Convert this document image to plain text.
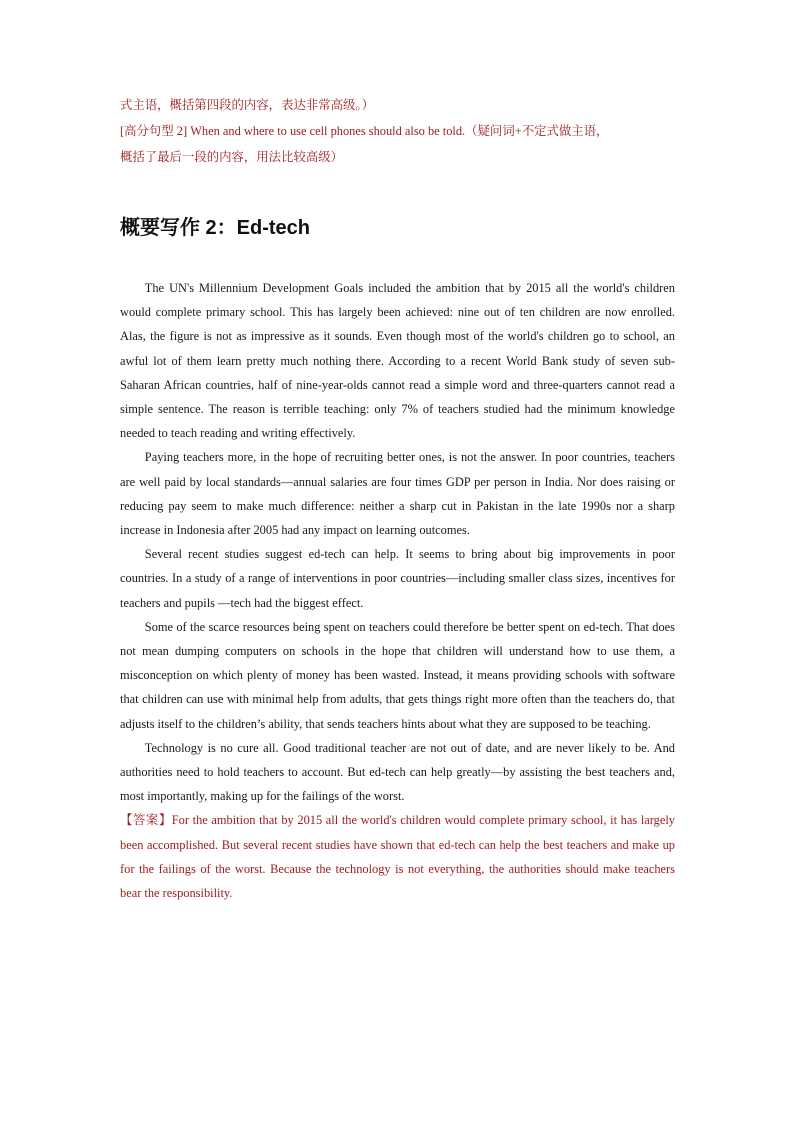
式主语，概括第四段的内容，表达非常高级。）

[高分句型 2] When and where to use cell phones should also be told.（疑问词+不定式做主语，

概括了最后一段的内容，用法比较高级）

概要写作 2：Ed-tech

The UN's Millennium Development Goals included the ambition that by 2015 all the world's children would complete primary school. This has largely been achieved: nine out of ten children are now enrolled. Alas, the figure is not as impressive as it sounds. Even though most of the world's children go to school, an awful lot of them learn pretty much nothing there. According to a recent World Bank study of seven sub-Saharan African countries, half of nine-year-olds cannot read a simple word and three-quarters cannot read a simple sentence. The reason is terrible teaching: only 7% of teachers studied had the minimum knowledge needed to teach reading and writing effectively.

Paying teachers more, in the hope of recruiting better ones, is not the answer. In poor countries, teachers are well paid by local standards—annual salaries are four times GDP per person in India. Nor does raising or reducing pay seem to make much difference: neither a sharp cut in Pakistan in the late 1990s nor a sharp increase in Indonesia after 2005 had any impact on learning outcomes.

Several recent studies suggest ed-tech can help. It seems to bring about big improvements in poor countries. In a study of a range of interventions in poor countries—including smaller class sizes, incentives for teachers and pupils —tech had the biggest effect.

Some of the scarce resources being spent on teachers could therefore be better spent on ed-tech. That does not mean dumping computers on schools in the hope that children will understand how to use them, a misconception on which plenty of money has been wasted. Instead, it means providing schools with software that children can use with minimal help from adults, that gets things right more often than the teachers do, that adjusts itself to the children’s ability, that sends teachers hints about what they are supposed to be teaching.

Technology is no cure all. Good traditional teacher are not out of date, and are never likely to be. And authorities need to hold teachers to account. But ed-tech can help greatly—by assisting the best teachers and, most importantly, making up for the failings of the worst.

【答案】For the ambition that by 2015 all the world's children would complete primary school, it has largely been accomplished. But several recent studies have shown that ed-tech can help the best teachers and make up for the failings of the worst. Because the technology is not everything, the authorities should make teachers bear the responsibility.
